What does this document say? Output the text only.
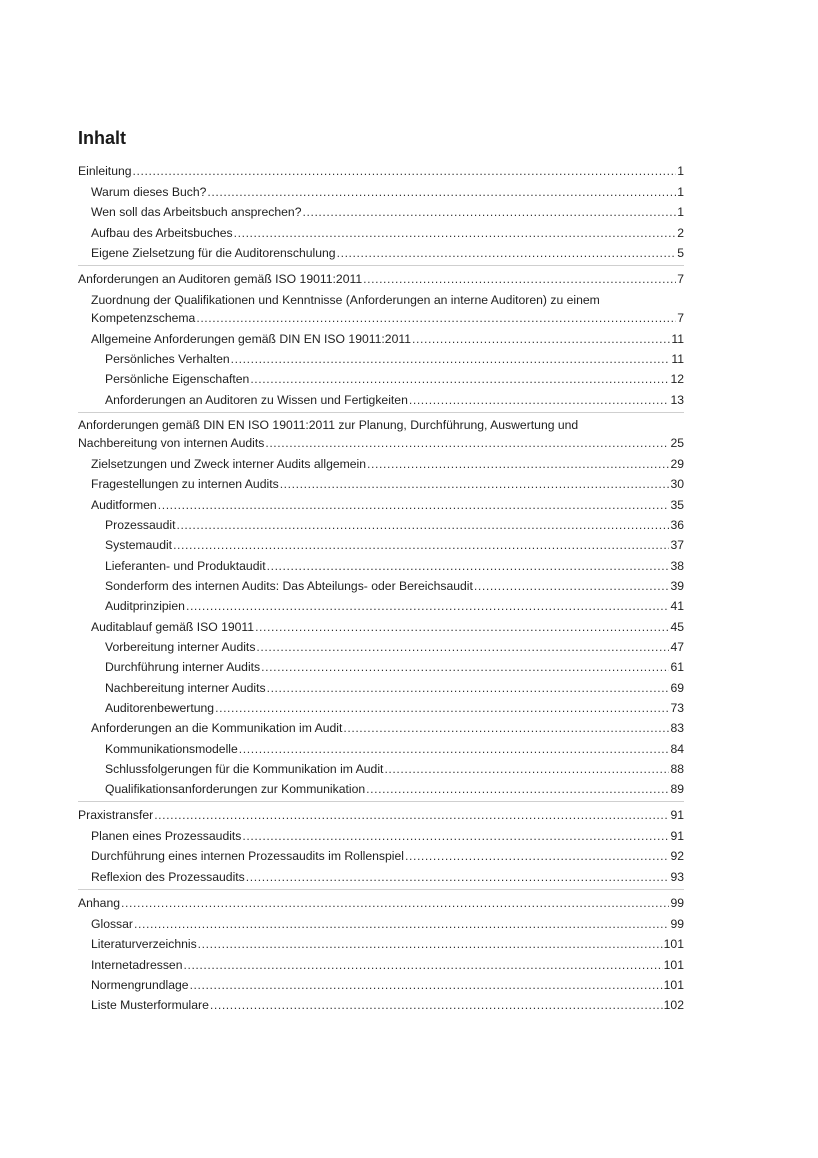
Inhalt
Einleitung .....	1
Warum dieses Buch? .....	1
Wen soll das Arbeitsbuch ansprechen? .....	1
Aufbau des Arbeitsbuches .....	2
Eigene Zielsetzung für die Auditorenschulung .....	5
Anforderungen an Auditoren gemäß ISO 19011:2011 .....	7
Zuordnung der Qualifikationen und Kenntnisse (Anforderungen an interne Auditoren) zu einem
Kompetenzschema .....	7
Allgemeine Anforderungen gemäß DIN EN ISO 19011:2011 .....	11
Persönliches Verhalten .....	11
Persönliche Eigenschaften .....	12
Anforderungen an Auditoren zu Wissen und Fertigkeiten .....	13
Anforderungen gemäß DIN EN ISO 19011:2011 zur Planung, Durchführung, Auswertung und
Nachbereitung von internen Audits .....	25
Zielsetzungen und Zweck interner Audits allgemein .....	29
Fragestellungen zu internen Audits .....	30
Auditformen .....	35
Prozessaudit .....	36
Systemaudit .....	37
Lieferanten- und Produktaudit .....	38
Sonderform des internen Audits: Das Abteilungs- oder Bereichsaudit .....	39
Auditprinzipien .....	41
Auditablauf gemäß ISO 19011 .....	45
Vorbereitung interner Audits .....	47
Durchführung interner Audits .....	61
Nachbereitung interner Audits .....	69
Auditorenbewertung .....	73
Anforderungen an die Kommunikation im Audit .....	83
Kommunikationsmodelle .....	84
Schlussfolgerungen für die Kommunikation im Audit .....	88
Qualifikationsanforderungen zur Kommunikation .....	89
Praxistransfer .....	91
Planen eines Prozessaudits .....	91
Durchführung eines internen Prozessaudits im Rollenspiel .....	92
Reflexion des Prozessaudits .....	93
Anhang .....	99
Glossar .....	99
Literaturverzeichnis .....	101
Internetadressen .....	101
Normengrundlage .....	101
Liste Musterformulare .....	102
